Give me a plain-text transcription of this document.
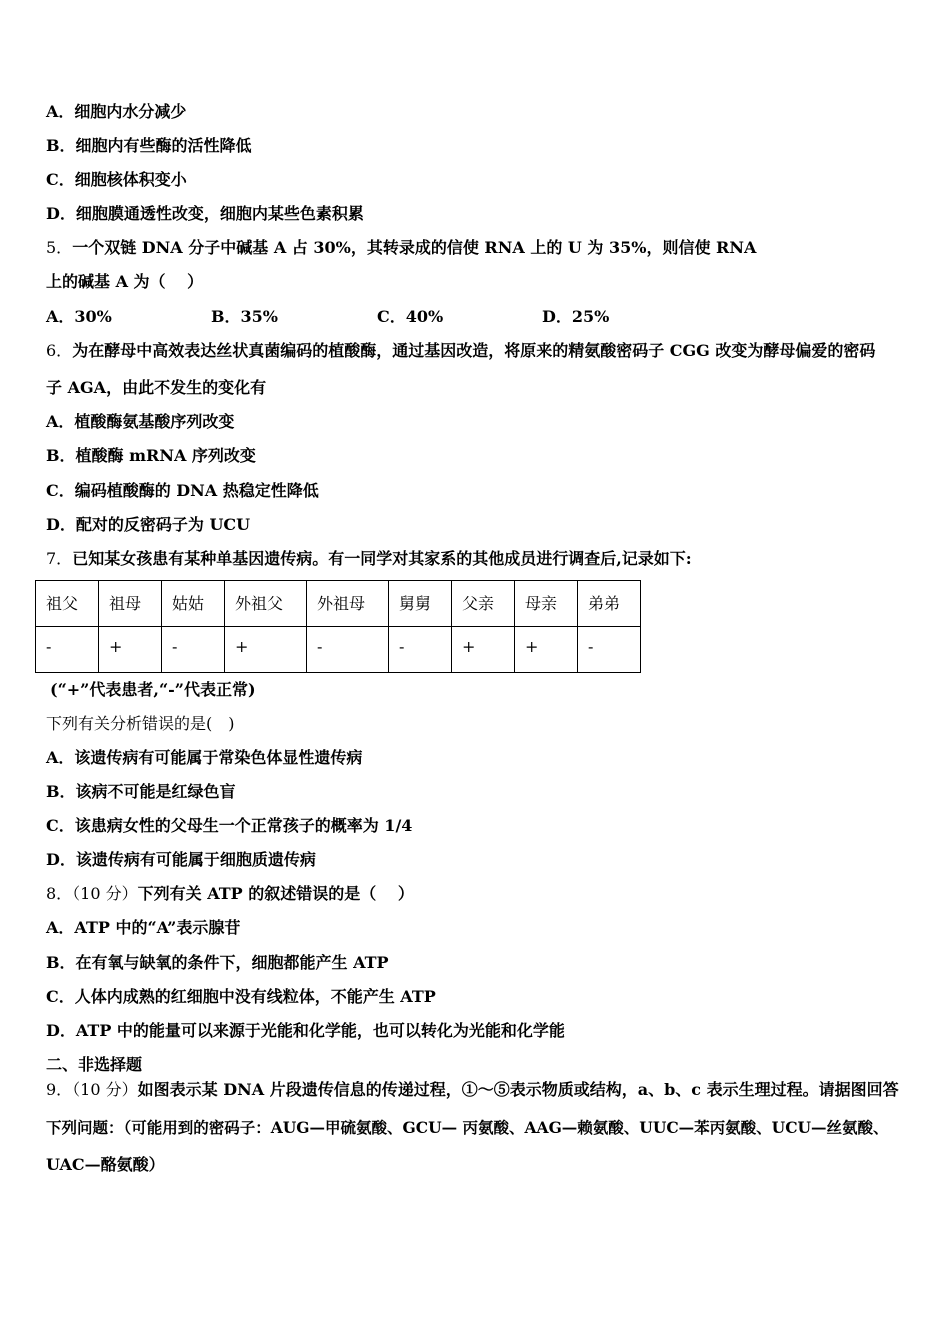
A．细胞内水分减少
B．细胞内有些酶的活性降低
C．细胞核体积变小
D．细胞膜通透性改变，细胞内某些色素积累
5．一个双链 DNA 分子中碱基 A 占 30%，其转录成的信使 RNA 上的 U 为 35%，则信使 RNA
上的碱基 A 为（　 ）
A．30%	B．35%	C．40%	D．25%
6．为在酵母中高效表达丝状真菌编码的植酸酶，通过基因改造，将原来的精氨酸密码子 CGG 改变为酵母偏爱的密码
子 AGA，由此不发生的变化有
A．植酸酶氨基酸序列改变
B．植酸酶 mRNA 序列改变
C．编码植酸酶的 DNA 热稳定性降低
D．配对的反密码子为 UCU
7．已知某女孩患有某种单基因遗传病。有一同学对其家系的其他成员进行调查后,记录如下:
祖父	祖母	姑姑	外祖父	外祖母	舅舅	父亲	母亲	弟弟
-	+	-	+	-	-	+	+	-
(“+”代表患者,“-”代表正常)
下列有关分析错误的是(　)
A．该遗传病有可能属于常染色体显性遗传病
B．该病不可能是红绿色盲
C．该患病女性的父母生一个正常孩子的概率为 1/4
D．该遗传病有可能属于细胞质遗传病
8．（10 分）下列有关 ATP 的叙述错误的是（　 ）
A．ATP 中的“A”表示腺苷
B．在有氧与缺氧的条件下，细胞都能产生 ATP
C．人体内成熟的红细胞中没有线粒体，不能产生 ATP
D．ATP 中的能量可以来源于光能和化学能，也可以转化为光能和化学能
二、非选择题
9．（10 分）如图表示某 DNA 片段遗传信息的传递过程，①～⑤表示物质或结构，a、b、c 表示生理过程。请据图回答
下列问题：（可能用到的密码子：AUG—甲硫氨酸、GCU— 丙氨酸、AAG—赖氨酸、UUC—苯丙氨酸、UCU—丝氨酸、
UAC—酪氨酸）
